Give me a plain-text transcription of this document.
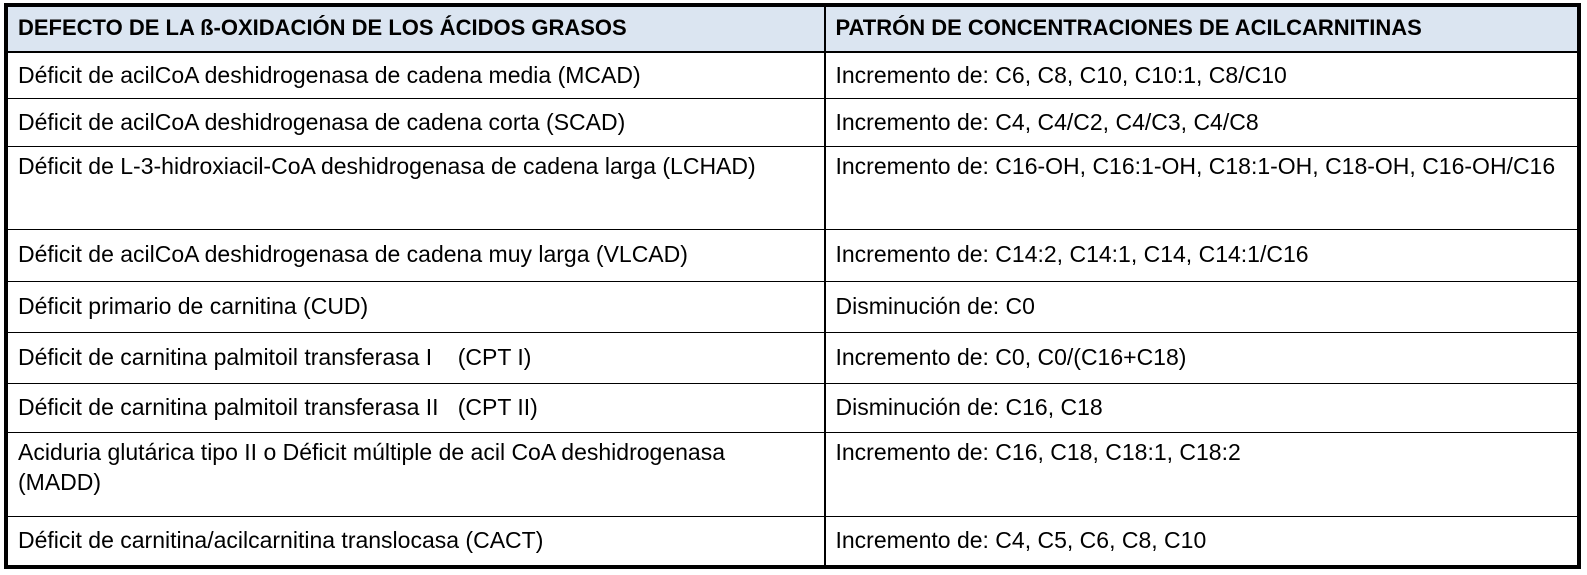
DEFECTO DE LA ß-OXIDACIÓN DE LOS ÁCIDOS GRASOS	PATRÓN DE CONCENTRACIONES DE ACILCARNITINAS
Déficit de acilCoA deshidrogenasa de cadena media (MCAD)	Incremento de: C6, C8, C10, C10:1, C8/C10
Déficit de acilCoA deshidrogenasa de cadena corta (SCAD)	Incremento de: C4, C4/C2, C4/C3, C4/C8
Déficit de L-3-hidroxiacil-CoA deshidrogenasa de cadena larga (LCHAD)	Incremento de: C16-OH, C16:1-OH, C18:1-OH, C18-OH, C16-OH/C16
Déficit de acilCoA deshidrogenasa de cadena muy larga (VLCAD)	Incremento de: C14:2, C14:1, C14, C14:1/C16
Déficit primario de carnitina (CUD)	Disminución de: C0
Déficit de carnitina palmitoil transferasa I    (CPT I)	Incremento de: C0, C0/(C16+C18)
Déficit de carnitina palmitoil transferasa II   (CPT II)	Disminución de: C16, C18
Aciduria glutárica tipo II o Déficit múltiple de acil CoA deshidrogenasa (MADD)	Incremento de: C16, C18, C18:1, C18:2
Déficit de carnitina/acilcarnitina translocasa (CACT)	Incremento de: C4, C5, C6, C8, C10
